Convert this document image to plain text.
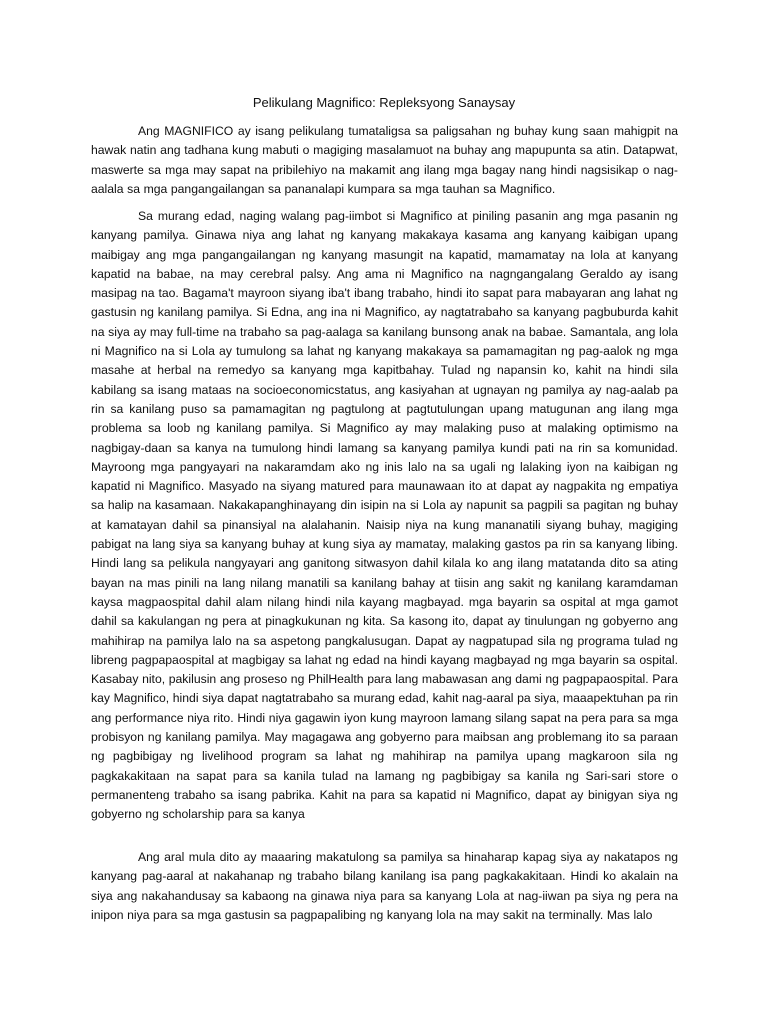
Pelikulang Magnifico: Repleksyong Sanaysay

Ang MAGNIFICO ay isang pelikulang tumataligsa sa paligsahan ng buhay kung saan mahigpit na hawak natin ang tadhana kung mabuti o magiging masalamuot na buhay ang mapupunta sa atin. Datapwat, maswerte sa mga may sapat na pribilehiyo na makamit ang ilang mga bagay nang hindi nagsisikap o nag-aalala sa mga pangangailangan sa pananalapi kumpara sa mga tauhan sa Magnifico.

Sa murang edad, naging walang pag-iimbot si Magnifico at piniling pasanin ang mga pasanin ng kanyang pamilya. Ginawa niya ang lahat ng kanyang makakaya kasama ang kanyang kaibigan upang maibigay ang mga pangangailangan ng kanyang masungit na kapatid, mamamatay na lola at kanyang kapatid na babae, na may cerebral palsy. Ang ama ni Magnifico na nagngangalang Geraldo ay isang masipag na tao. Bagama't mayroon siyang iba't ibang trabaho, hindi ito sapat para mabayaran ang lahat ng gastusin ng kanilang pamilya. Si Edna, ang ina ni Magnifico, ay nagtatrabaho sa kanyang pagbuburda kahit na siya ay may full-time na trabaho sa pag-aalaga sa kanilang bunsong anak na babae. Samantala, ang lola ni Magnifico na si Lola ay tumulong sa lahat ng kanyang makakaya sa pamamagitan ng pag-aalok ng mga masahe at herbal na remedyo sa kanyang mga kapitbahay. Tulad ng napansin ko, kahit na hindi sila kabilang sa isang mataas na socioeconomicstatus, ang kasiyahan at ugnayan ng pamilya ay nag-aalab pa rin sa kanilang puso sa pamamagitan ng pagtulong at pagtutulungan upang matugunan ang ilang mga problema sa loob ng kanilang pamilya. Si Magnifico ay may malaking puso at malaking optimismo na nagbigay-daan sa kanya na tumulong hindi lamang sa kanyang pamilya kundi pati na rin sa komunidad. Mayroong mga pangyayari na nakaramdam ako ng inis lalo na sa ugali ng lalaking iyon na kaibigan ng kapatid ni Magnifico. Masyado na siyang matured para maunawaan ito at dapat ay nagpakita ng empatiya sa halip na kasamaan. Nakakapanghinayang din isipin na si Lola ay napunit sa pagpili sa pagitan ng buhay at kamatayan dahil sa pinansiyal na alalahanin. Naisip niya na kung mananatili siyang buhay, magiging pabigat na lang siya sa kanyang buhay at kung siya ay mamatay, malaking gastos pa rin sa kanyang libing. Hindi lang sa pelikula nangyayari ang ganitong sitwasyon dahil kilala ko ang ilang matatanda dito sa ating bayan na mas pinili na lang nilang manatili sa kanilang bahay at tiisin ang sakit ng kanilang karamdaman kaysa magpaospital dahil alam nilang hindi nila kayang magbayad. mga bayarin sa ospital at mga gamot dahil sa kakulangan ng pera at pinagkukunan ng kita. Sa kasong ito, dapat ay tinulungan ng gobyerno ang mahihirap na pamilya lalo na sa aspetong pangkalusugan. Dapat ay nagpatupad sila ng programa tulad ng libreng pagpapaospital at magbigay sa lahat ng edad na hindi kayang magbayad ng mga bayarin sa ospital. Kasabay nito, pakilusin ang proseso ng PhilHealth para lang mabawasan ang dami ng pagpapaospital. Para kay Magnifico, hindi siya dapat nagtatrabaho sa murang edad, kahit nag-aaral pa siya, maaapektuhan pa rin ang performance niya rito. Hindi niya gagawin iyon kung mayroon lamang silang sapat na pera para sa mga probisyon ng kanilang pamilya. May magagawa ang gobyerno para maibsan ang problemang ito sa paraan ng pagbibigay ng livelihood program sa lahat ng mahihirap na pamilya upang magkaroon sila ng pagkakakitaan na sapat para sa kanila tulad na lamang ng pagbibigay sa kanila ng Sari-sari store o permanenteng trabaho sa isang pabrika. Kahit na para sa kapatid ni Magnifico, dapat ay binigyan siya ng gobyerno ng scholarship para sa kanya

Ang aral mula dito ay maaaring makatulong sa pamilya sa hinaharap kapag siya ay nakatapos ng kanyang pag-aaral at nakahanap ng trabaho bilang kanilang isa pang pagkakakitaan. Hindi ko akalain na siya ang nakahandusay sa kabaong na ginawa niya para sa kanyang Lola at nag-iiwan pa siya ng pera na inipon niya para sa mga gastusin sa pagpapalibing ng kanyang lola na may sakit na terminally. Mas lalo
